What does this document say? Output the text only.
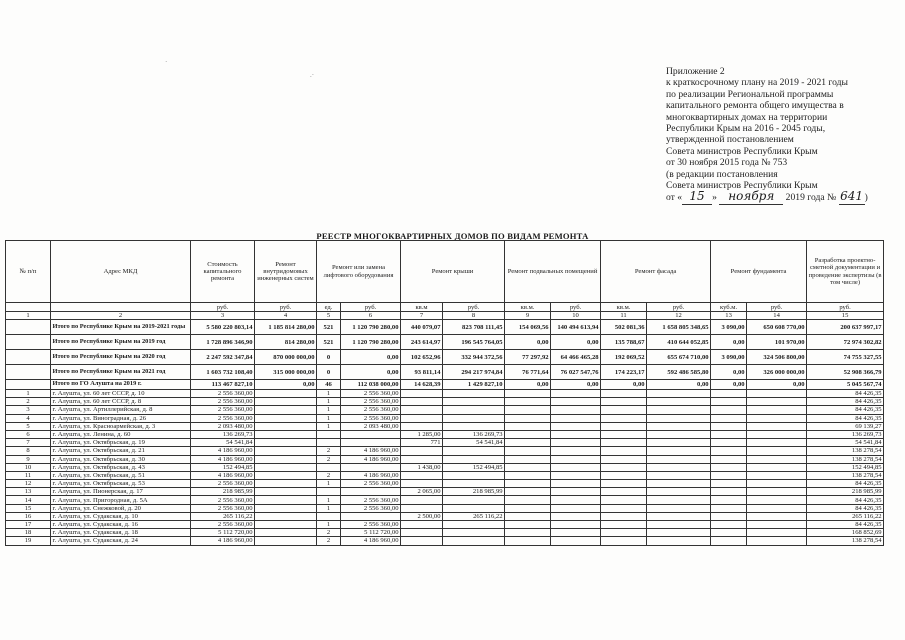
·
.·	Приложение 2
к краткосрочному плану на 2019 - 2021 годы
по реализации Региональной программы
капитального ремонта общего имущества в
многоквартирных домах на территории
Республики Крым на 2016 - 2045 годы,
утвержденной постановлением
Совета министров Республики Крым
от 30 ноября 2015 года № 753
(в редакции постановления
Совета министров Республики Крым
от « 15 » ноября 2019 года № 641 )
РЕЕСТР МНОГОКВАРТИРНЫХ ДОМОВ ПО ВИДАМ РЕМОНТА
№ п/п	Адрес МКД	Стоимость капитального ремонта	Ремонт внутридомовых инженерных систем	Ремонт или замена лифтового оборудования		Ремонт крыши		Ремонт подвальных помещений		Ремонт фасада		Ремонт фундамента		Разработка проектно-сметной документации и проведение экспертизы (в том числе)
		руб.	руб.	ед.	руб.	кв.м	руб.	кв.м.	руб.	кв.м.	руб.	куб.м.	руб.	руб.
1	2	3	4	5	6	7	8	9	10	11	12	13	14	15
	Итого по Республике Крым на 2019-2021 годы	5 580 220 803,14	1 185 814 280,00	521	1 120 790 280,00	440 079,07	823 708 111,45	154 069,56	140 494 613,94	502 081,36	1 658 805 348,65	3 090,00	650 608 770,00	200 637 997,17
	Итого по Республике Крым на 2019 год	1 728 896 346,90	814 280,00	521	1 120 790 280,00	243 614,97	196 545 764,05	0,00	0,00	135 788,67	410 644 052,85	0,00	101 970,00	72 974 302,82
	Итого по Республике Крым на 2020 год	2 247 592 347,84	870 000 000,00	0	0,00	102 652,96	332 944 372,56	77 297,92	64 466 465,28	192 069,52	655 674 710,00	3 090,00	324 506 800,00	74 755 327,55
	Итого по Республике Крым на 2021 год	1 603 732 108,40	315 000 000,00	0	0,00	93 811,14	294 217 974,84	76 771,64	76 027 547,76	174 223,17	592 486 585,80	0,00	326 000 000,00	52 908 366,79
	Итого по ГО Алушта на 2019 г.	113 467 827,10	0,00	46	112 038 000,00	14 628,39	1 429 827,10	0,00	0,00	0,00	0,00	0,00	0,00	5 045 567,74
1	г. Алушта, ул. 60 лет СССР, д. 10	2 556 360,00		1	2 556 360,00									84 426,35
2	г. Алушта, ул. 60 лет СССР, д. 8	2 556 360,00		1	2 556 360,00									84 426,35
3	г. Алушта, ул. Артиллерийская, д. 8	2 556 360,00		1	2 556 360,00									84 426,35
4	г. Алушта, ул. Виноградная, д. 26	2 556 360,00		1	2 556 360,00									84 426,35
5	г. Алушта, ул. Красноармейская, д. 3	2 093 480,00		1	2 093 480,00									69 139,27
6	г. Алушта, ул. Ленина, д. 60	136 269,73				1 285,00	136 269,73							136 269,73
7	г. Алушта, ул. Октябрьская, д. 19	54 541,84				771	54 541,84							54 541,84
8	г. Алушта, ул. Октябрьская, д. 21	4 186 960,00		2	4 186 960,00									138 278,54
9	г. Алушта, ул. Октябрьская, д. 30	4 186 960,00		2	4 186 960,00									138 278,54
10	г. Алушта, ул. Октябрьская, д. 43	152 494,85				1 438,00	152 494,85							152 494,85
11	г. Алушта, ул. Октябрьская, д. 51	4 186 960,00		2	4 186 960,00									138 278,54
12	г. Алушта, ул. Октябрьская, д. 53	2 556 360,00		1	2 556 360,00									84 426,35
13	г. Алушта, ул. Пионерская, д. 17	218 985,99				2 065,00	218 985,99							218 985,99
14	г. Алушта, ул. Пригородная, д. 5А	2 556 360,00		1	2 556 360,00									84 426,35
15	г. Алушта, ул. Снежковой, д. 20	2 556 360,00		1	2 556 360,00									84 426,35
16	г. Алушта, ул. Судакская, д. 10	265 116,22				2 500,00	265 116,22							265 116,22
17	г. Алушта, ул. Судакская, д. 16	2 556 360,00		1	2 556 360,00									84 426,35
18	г. Алушта, ул. Судакская, д. 18	5 112 720,00		2	5 112 720,00									168 852,69
19	г. Алушта, ул. Судакская, д. 24	4 186 960,00		2	4 186 960,00									138 278,54
